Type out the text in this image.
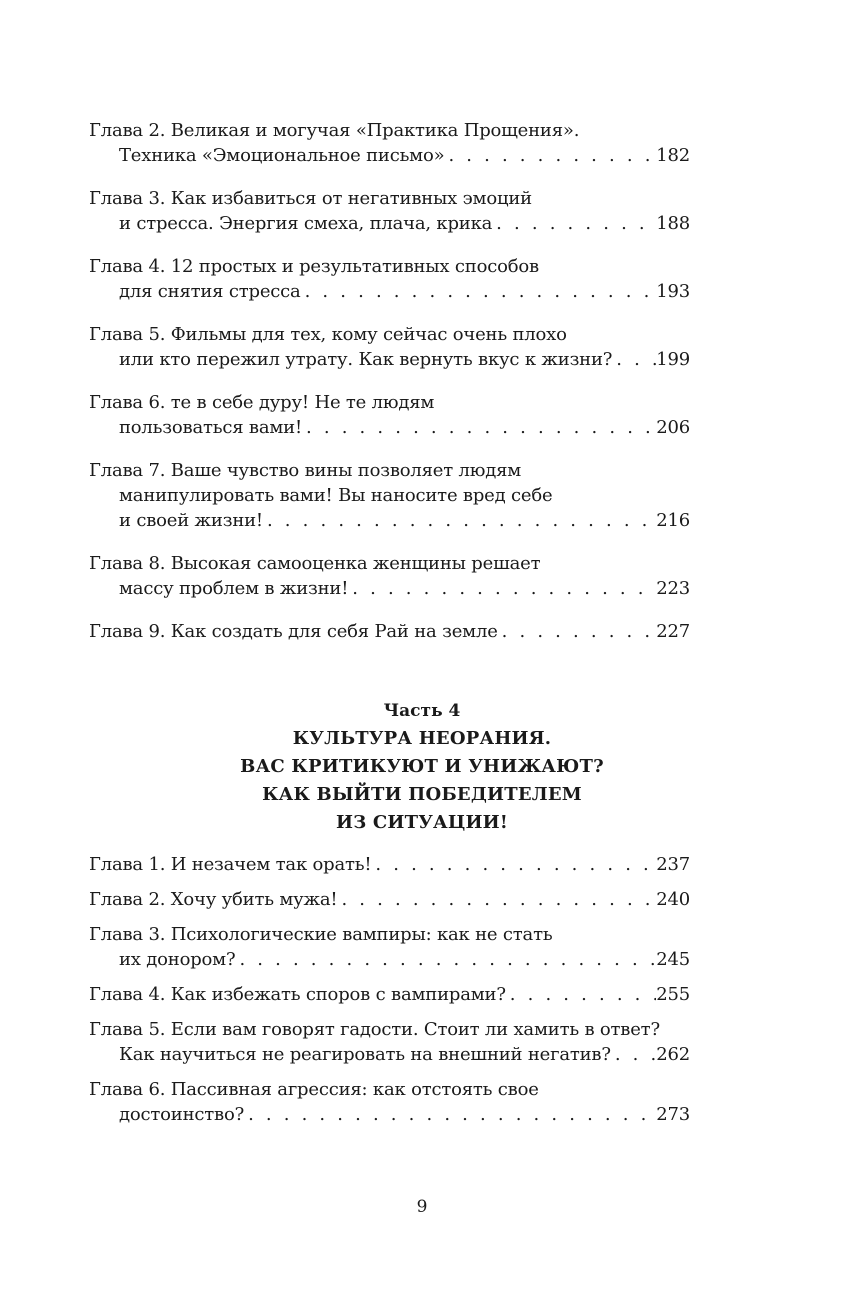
Глава 2. Великая и могучая «Практика Прощения».
Техника «Эмоциональное письмо» . . .	182
Глава 3. Как избавиться от негативных эмоций
и стресса. Энергия смеха, плача, крика . . .	188
Глава 4. 12 простых и результативных способов
для снятия стресса . . .	193
Глава 5. Фильмы для тех, кому сейчас очень плохо
или кто пережил утрату. Как вернуть вкус к жизни? . . . 199
Глава 6. те в себе дуру! Не те людям
пользоваться вами! . . .	206
Глава 7. Ваше чувство вины позволяет людям
манипулировать вами! Вы наносите вред себе
и своей жизни! . . .	216
Глава 8. Высокая самооценка женщины решает
массу проблем в жизни! . . .	223
Глава 9. Как создать для себя Рай на земле . . .	227
Часть 4
КУЛЬТУРА НЕОРАНИЯ.
ВАС КРИТИКУЮТ И УНИЖАЮТ?
КАК ВЫЙТИ ПОБЕДИТЕЛЕМ
ИЗ СИТУАЦИИ!
Глава 1. И незачем так орать! . . .	237
Глава 2. Хочу убить мужа! . . .	240
Глава 3. Психологические вампиры: как не стать
их донором? . . .	245
Глава 4. Как избежать споров с вампирами? . . .	255
Глава 5. Если вам говорят гадости. Стоит ли хамить в ответ?
Как научиться не реагировать на внешний негатив? . . .	262
Глава 6. Пассивная агрессия: как отстоять свое
достоинство? . . .	273
9
